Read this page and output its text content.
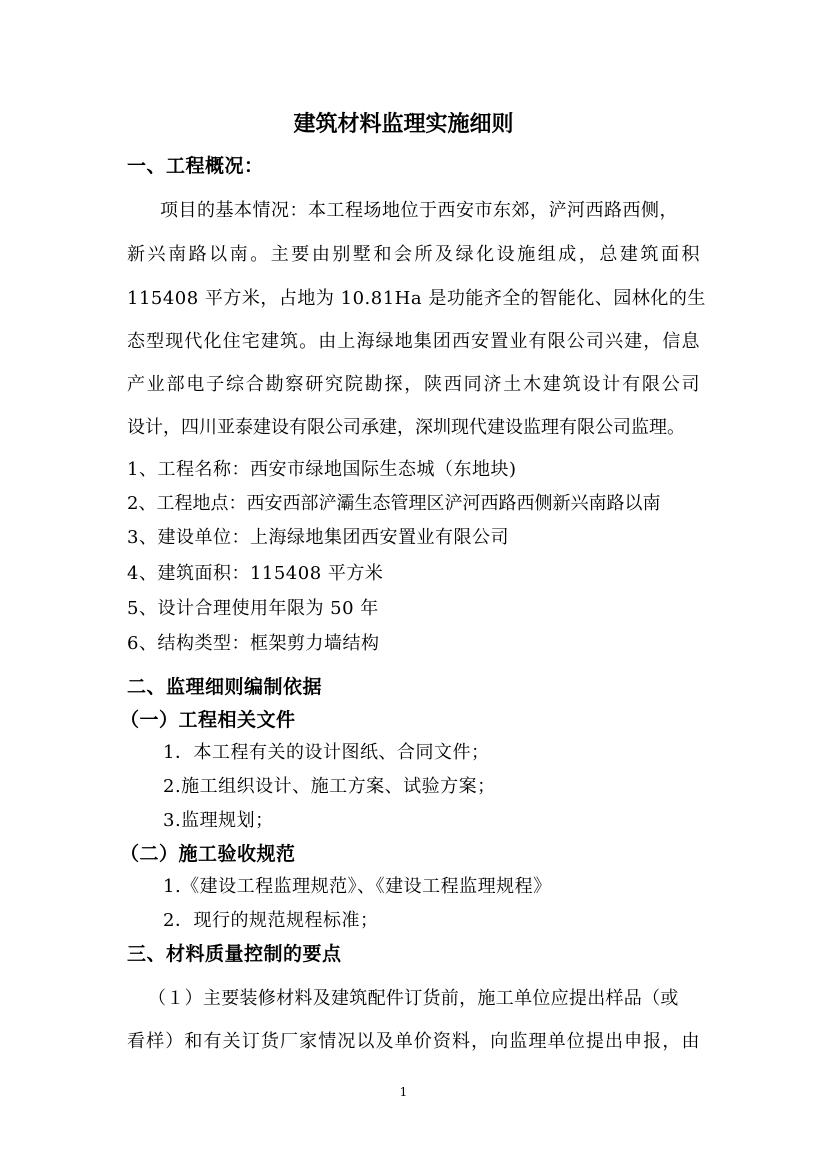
建筑材料监理实施细则
一、工程概况：
项目的基本情况：本工程场地位于西安市东郊，浐河西路西侧，
新兴南路以南。主要由别墅和会所及绿化设施组成，总建筑面积
115408 平方米，占地为 10.81Ha 是功能齐全的智能化、园林化的生
态型现代化住宅建筑。由上海绿地集团西安置业有限公司兴建，信息
产业部电子综合勘察研究院勘探，陕西同济土木建筑设计有限公司
设计，四川亚泰建设有限公司承建，深圳现代建设监理有限公司监理。
1、工程名称：西安市绿地国际生态城（东地块)
2、工程地点：西安西部浐灞生态管理区浐河西路西侧新兴南路以南
3、建设单位：上海绿地集团西安置业有限公司
4、建筑面积：115408 平方米
5、设计合理使用年限为 50 年
6、结构类型：框架剪力墙结构
二、监理细则编制依据
（一）工程相关文件
1．本工程有关的设计图纸、合同文件；
2.施工组织设计、施工方案、试验方案；
3.监理规划；
（二）施工验收规范
1.《建设工程监理规范》、《建设工程监理规程》
2．现行的规范规程标准；
三、材料质量控制的要点
（１）主要装修材料及建筑配件订货前，施工单位应提出样品（或
看样）和有关订货厂家情况以及单价资料，向监理单位提出申报，由
1
